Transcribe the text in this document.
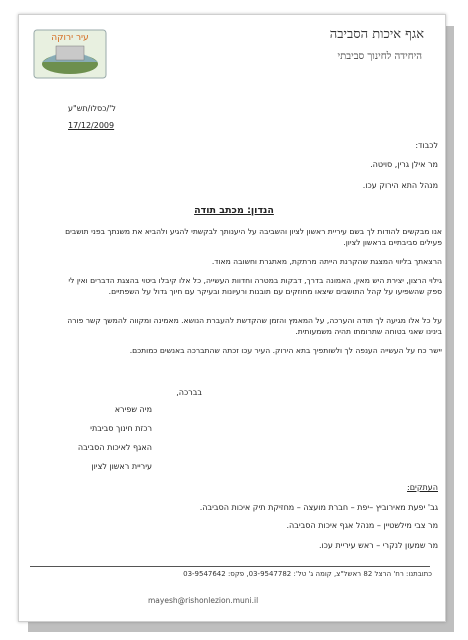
עיר ירוקה	אגף איכות הסביבה
היחידה לחינוך סביבתי
ל'/כסלו/תש"ע
17/12/2009
לכבוד:
מר אילן גרין, סויטה.
מנהל התא הירוק עכו.
הנדון: מכתב תודה
אנו מבקשים להודות לך בשם עיריית ראשון לציון והשביבה על היענותך לבקשתי להגיע ולהביא את משנתך בפני תושבים פעילים סביבתיים בראשון לציון.
הרצאתך בליווי המצגת שהקרנת הייתה מרתקת, מאתגרת וחשובה מאוד.
גילוי הרצון, יצירת היש מאין, האמונה בדרך, דבקות במטרה וחדוות העשייה, כל אלו קיבלו ביטוי בהצגת הדברים ואין לי ספק שהשפיעו על קהל התושבים שיצאו מחוזקים עם תובנות ורעיונות ובעיקר עם חיוך גדול על השפתיים.
על כל אלו מגיעה לך תודה והערכה, על המאמץ והזמן שהקדשת להעברת הנושא. מאמינה ומקווה להמשך קשר פורה בינינו שאני בטוחה שתרומתו תהיה משמעותית.
יישר כח על העשייה הענפה לך ולשותפיך בתא הירוק. העיר עכו זכתה שהתברכה באנשים כמותכם.
בברכה,
מיה שפירא
רכזת חינוך סביבתי
האגף לאיכות הסביבה
עיריית ראשון לציון
העתקים:
גב' יפעת מאירוביץ –יפת – חברת מועצה – מחזיקת תיק איכות הסביבה.
מר צבי מילשטיין – מנהל אגף איכות הסביבה.
מר שמעון לנקרי – ראש עיריית עכו.
כתובתנו: רח' הרצל 82 ראשל"צ, קומה ג' טל': 03-9547782, פקס: 03-9547642
mayesh@rishonlezion.muni.il
